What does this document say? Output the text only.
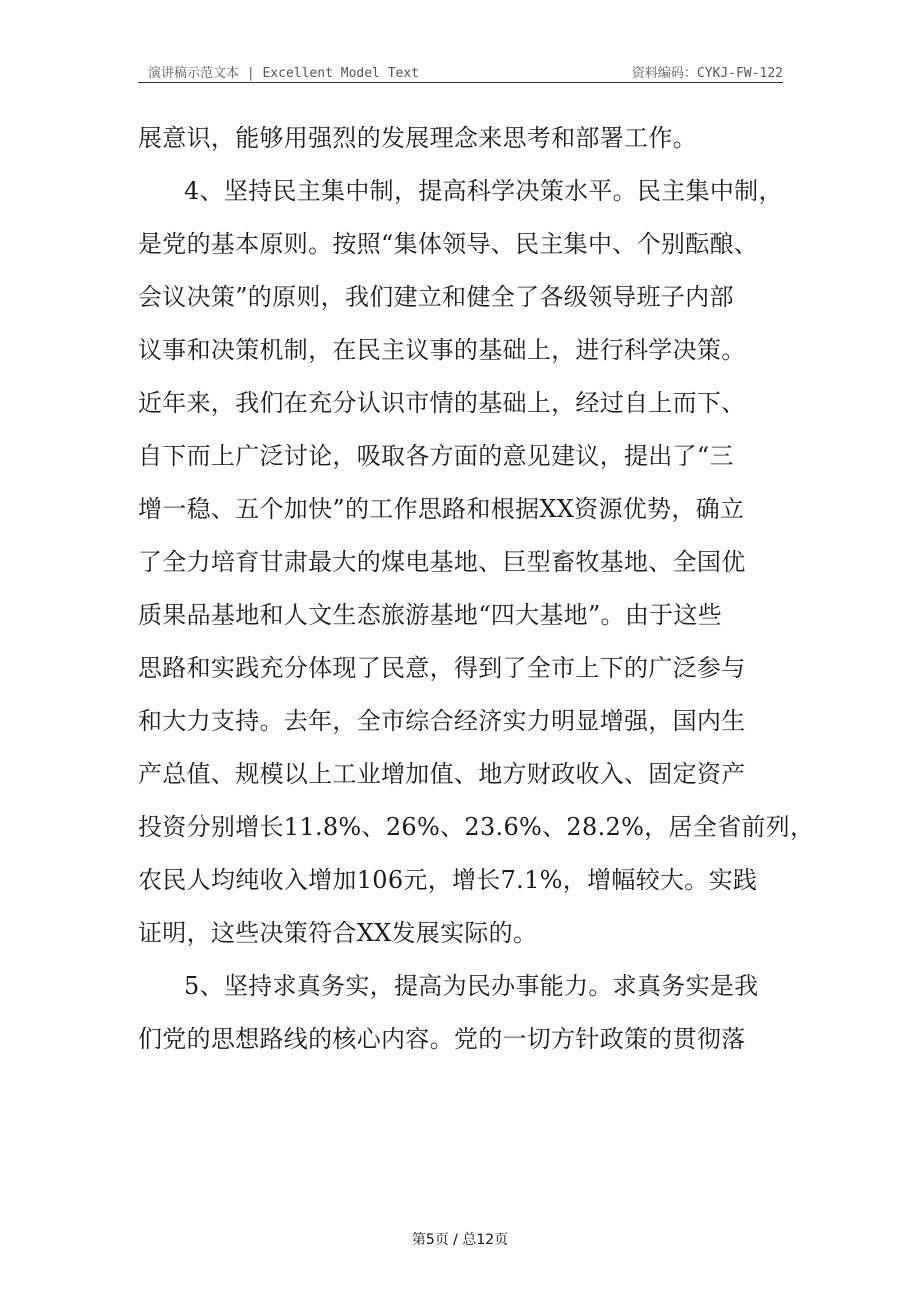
演讲稿示范文本 | Excellent Model Text	资料编码：CYKJ-FW-122
展意识，能够用强烈的发展理念来思考和部署工作。
4、坚持民主集中制，提高科学决策水平。民主集中制，
是党的基本原则。按照“集体领导、民主集中、个别酝酿、
会议决策”的原则，我们建立和健全了各级领导班子内部
议事和决策机制，在民主议事的基础上，进行科学决策。
近年来，我们在充分认识市情的基础上，经过自上而下、
自下而上广泛讨论，吸取各方面的意见建议，提出了“三
增一稳、五个加快”的工作思路和根据XX资源优势，确立
了全力培育甘肃最大的煤电基地、巨型畜牧基地、全国优
质果品基地和人文生态旅游基地“四大基地”。由于这些
思路和实践充分体现了民意，得到了全市上下的广泛参与
和大力支持。去年，全市综合经济实力明显增强，国内生
产总值、规模以上工业增加值、地方财政收入、固定资产
投资分别增长11.8%、26%、23.6%、28.2%，居全省前列，
农民人均纯收入增加106元，增长7.1%，增幅较大。实践
证明，这些决策符合XX发展实际的。
5、坚持求真务实，提高为民办事能力。求真务实是我
们党的思想路线的核心内容。党的一切方针政策的贯彻落
第5页 / 总12页
